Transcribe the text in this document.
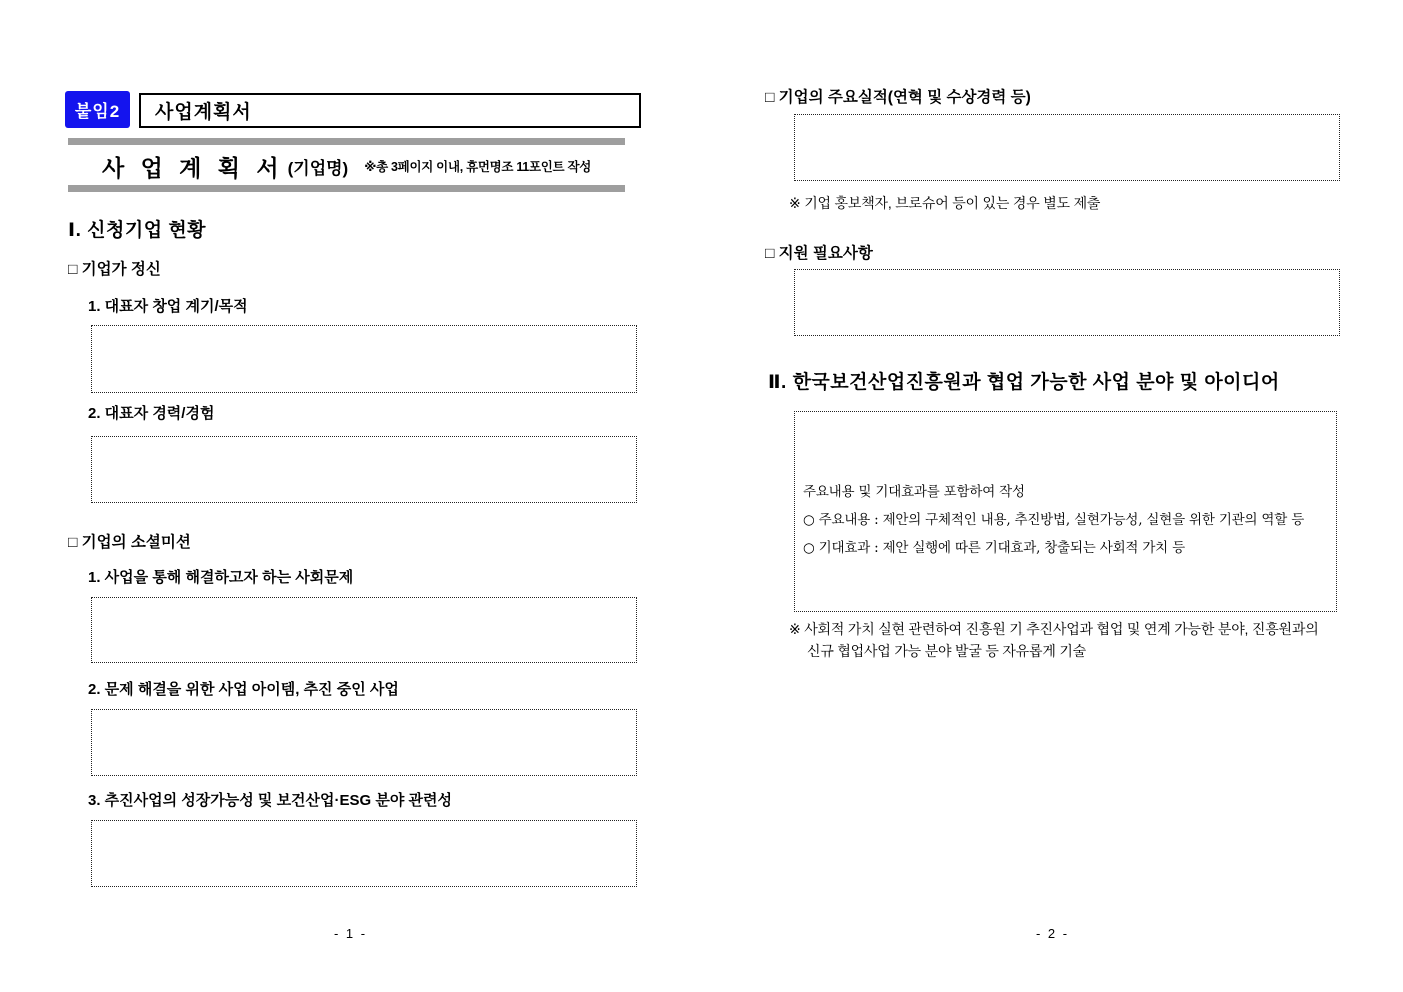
붙임2	사업계획서
사 업 계 획 서 (기업명) ※총 3페이지 이내, 휴먼명조 11포인트 작성
Ⅰ. 신청기업 현황
□ 기업가 정신
1. 대표자 창업 계기/목적
2. 대표자 경력/경험
□ 기업의 소셜미션
1. 사업을 통해 해결하고자 하는 사회문제
2. 문제 해결을 위한 사업 아이템, 추진 중인 사업
3. 추진사업의 성장가능성 및 보건산업·ESG 분야 관련성
- 1 -
□ 기업의 주요실적(연혁 및 수상경력 등)
※ 기업 홍보책자, 브로슈어 등이 있는 경우 별도 제출
□ 지원 필요사항
Ⅱ. 한국보건산업진흥원과 협업 가능한 사업 분야 및 아이디어
주요내용 및 기대효과를 포함하여 작성
○ 주요내용 : 제안의 구체적인 내용, 추진방법, 실현가능성, 실현을 위한 기관의 역할 등
○ 기대효과 : 제안 실행에 따른 기대효과, 창출되는 사회적 가치 등
※ 사회적 가치 실현 관련하여 진흥원 기 추진사업과 협업 및 연계 가능한 분야, 진흥원과의
신규 협업사업 가능 분야 발굴 등 자유롭게 기술
- 2 -
